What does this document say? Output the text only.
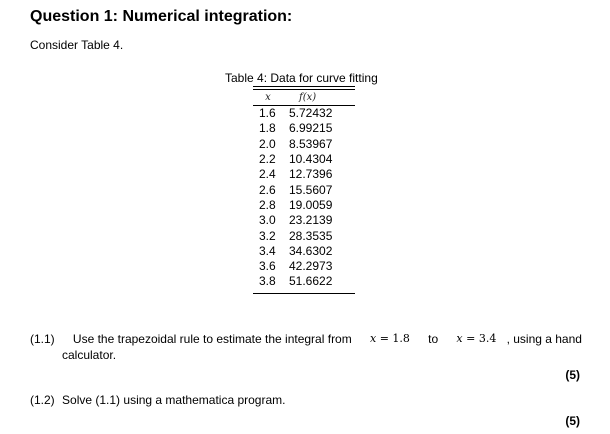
Question 1: Numerical integration:
Consider Table 4.
Table 4: Data for curve fitting
x	f(x)
1.6	5.72432
1.8	6.99215
2.0	8.53967
2.2	10.4304
2.4	12.7396
2.6	15.5607
2.8	19.0059
3.0	23.2139
3.2	28.3535
3.4	34.6302
3.6	42.2973
3.8	51.6622
(1.1) Use the trapezoidal rule to estimate the integral from x = 1.8 to x = 3.4 , using a hand
calculator.
(5)
(1.2) Solve (1.1) using a mathematica program.
(5)
